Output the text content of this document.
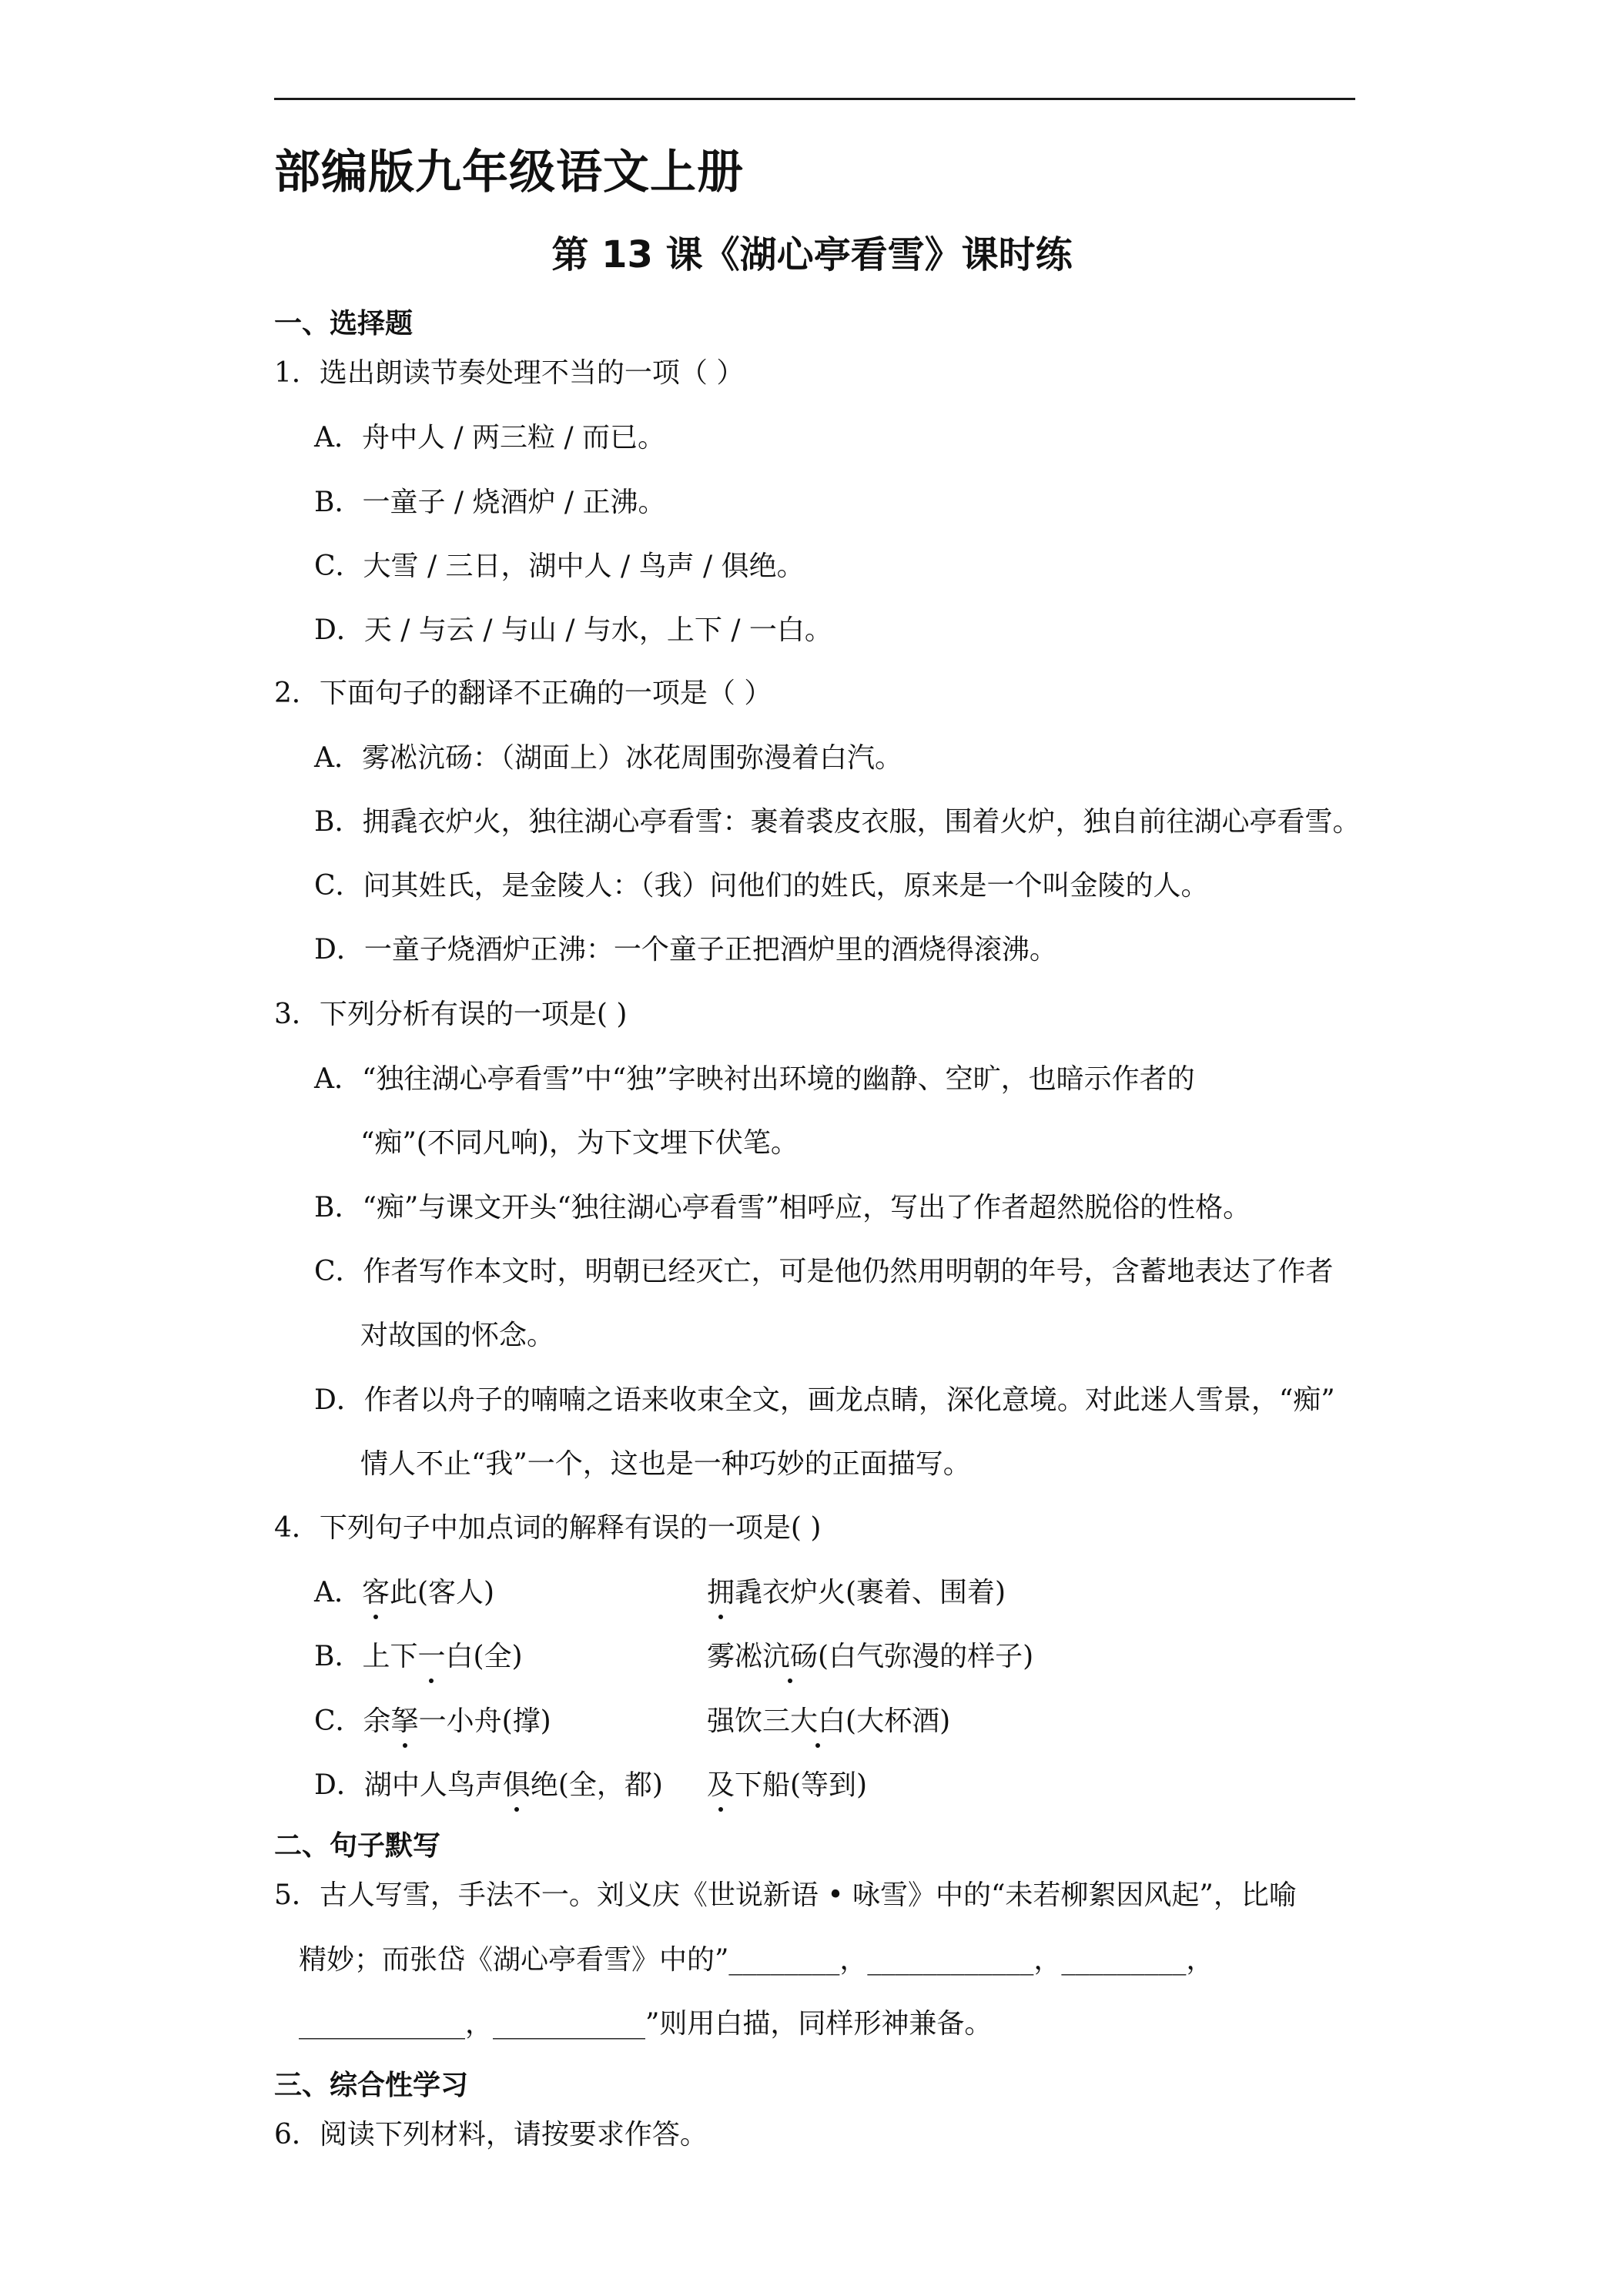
部编版九年级语文上册
第 13 课《湖心亭看雪》课时练
一、选择题
1．选出朗读节奏处理不当的一项（ ）
A．舟中人 / 两三粒 / 而已。
B．一童子 / 烧酒炉 / 正沸。
C．大雪 / 三日，湖中人 / 鸟声 / 俱绝。
D．天 / 与云 / 与山 / 与水，上下 / 一白。
2．下面句子的翻译不正确的一项是（ ）
A．雾凇沆砀：（湖面上）冰花周围弥漫着白汽。
B．拥毳衣炉火，独往湖心亭看雪：裹着裘皮衣服，围着火炉，独自前往湖心亭看雪。
C．问其姓氏，是金陵人：（我）问他们的姓氏，原来是一个叫金陵的人。
D．一童子烧酒炉正沸：一个童子正把酒炉里的酒烧得滚沸。
3．下列分析有误的一项是( )
A．“独往湖心亭看雪”中“独”字映衬出环境的幽静、空旷，也暗示作者的
“痴”(不同凡响)，为下文埋下伏笔。
B．“痴”与课文开头“独往湖心亭看雪”相呼应，写出了作者超然脱俗的性格。
C．作者写作本文时，明朝已经灭亡，可是他仍然用明朝的年号，含蓄地表达了作者
对故国的怀念。
D．作者以舟子的喃喃之语来收束全文，画龙点睛，深化意境。对此迷人雪景，“痴”
情人不止“我”一个，这也是一种巧妙的正面描写。
4．下列句子中加点词的解释有误的一项是( )
A．客此(客人)	拥毳衣炉火(裹着、围着)
B．上下一白(全)	雾凇沆砀(白气弥漫的样子)
C．余拏一小舟(撑)	强饮三大白(大杯酒)
D．湖中人鸟声俱绝(全，都) 及下船(等到)
二、句子默写
5．古人写雪，手法不一。刘义庆《世说新语 • 咏雪》中的“未若柳絮因风起”，比喻
精妙；而张岱《湖心亭看雪》中的”________，____________，_________，
____________，___________”则用白描，同样形神兼备。
三、综合性学习
6．阅读下列材料，请按要求作答。
